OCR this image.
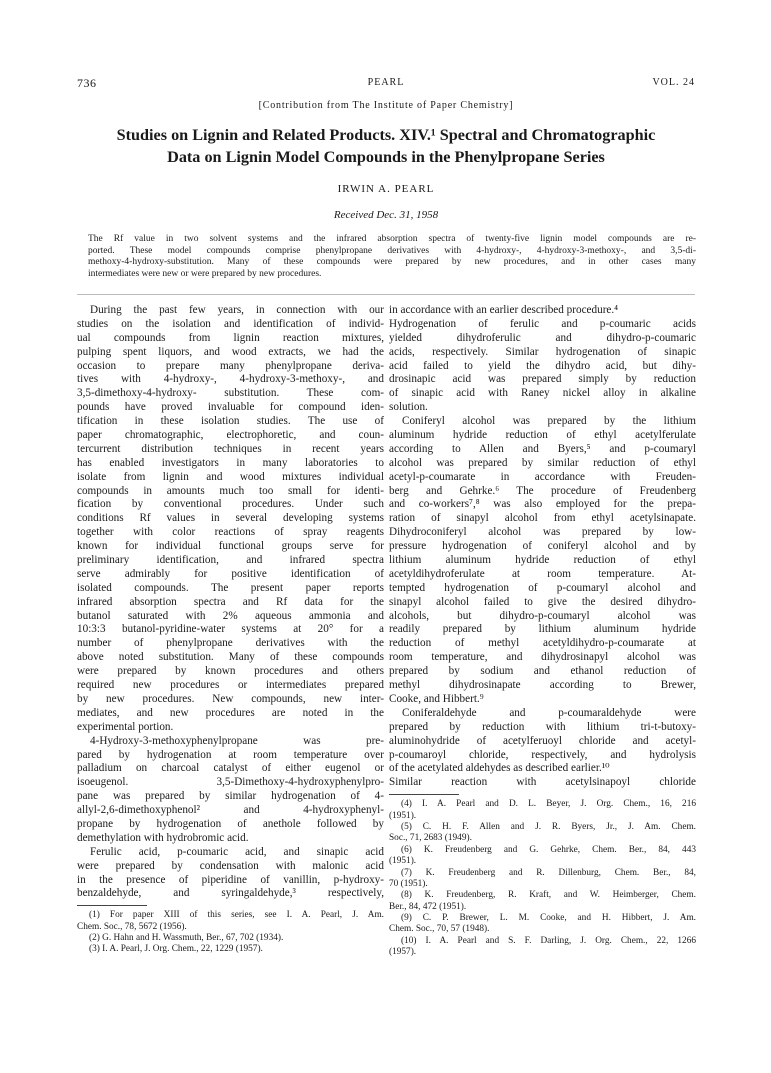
736	PEARL	VOL. 24
[Contribution from The Institute of Paper Chemistry]
Studies on Lignin and Related Products. XIV.¹ Spectral and Chromatographic
Data on Lignin Model Compounds in the Phenylpropane Series
IRWIN A. PEARL
Received Dec. 31, 1958
The Rf value in two solvent systems and the infrared absorption spectra of twenty-five lignin model compounds are re-
ported. These model compounds comprise phenylpropane derivatives with 4-hydroxy-, 4-hydroxy-3-methoxy-, and 3,5-di-
methoxy-4-hydroxy-substitution. Many of these compounds were prepared by new procedures, and in other cases many
intermediates were new or were prepared by new procedures.
During the past few years, in connection with our
studies on the isolation and identification of individ-
ual compounds from lignin reaction mixtures,
pulping spent liquors, and wood extracts, we had the
occasion to prepare many phenylpropane deriva-
tives with 4-hydroxy-, 4-hydroxy-3-methoxy-, and
3,5-dimethoxy-4-hydroxy- substitution. These com-
pounds have proved invaluable for compound iden-
tification in these isolation studies. The use of
paper chromatographic, electrophoretic, and coun-
tercurrent distribution techniques in recent years
has enabled investigators in many laboratories to
isolate from lignin and wood mixtures individual
compounds in amounts much too small for identi-
fication by conventional procedures. Under such
conditions Rf values in several developing systems
together with color reactions of spray reagents
known for individual functional groups serve for
preliminary identification, and infrared spectra
serve admirably for positive identification of
isolated compounds. The present paper reports
infrared absorption spectra and Rf data for the
butanol saturated with 2% aqueous ammonia and
10:3:3 butanol-pyridine-water systems at 20° for a
number of phenylpropane derivatives with the
above noted substitution. Many of these compounds
were prepared by known procedures and others
required new procedures or intermediates prepared
by new procedures. New compounds, new inter-
mediates, and new procedures are noted in the
experimental portion.
4-Hydroxy-3-methoxyphenylpropane was pre-
pared by hydrogenation at room temperature over
palladium on charcoal catalyst of either eugenol or
isoeugenol. 3,5-Dimethoxy-4-hydroxyphenylpro-
pane was prepared by similar hydrogenation of 4-
allyl-2,6-dimethoxyphenol² and 4-hydroxyphenyl-
propane by hydrogenation of anethole followed by
demethylation with hydrobromic acid.
Ferulic acid, p-coumaric acid, and sinapic acid
were prepared by condensation with malonic acid
in the presence of piperidine of vanillin, p-hydroxy-
benzaldehyde, and syringaldehyde,³ respectively,
(1) For paper XIII of this series, see I. A. Pearl, J. Am.
Chem. Soc., 78, 5672 (1956).
(2) G. Hahn and H. Wassmuth, Ber., 67, 702 (1934).
(3) I. A. Pearl, J. Org. Chem., 22, 1229 (1957).
in accordance with an earlier described procedure.⁴
Hydrogenation of ferulic and p-coumaric acids
yielded dihydroferulic and dihydro-p-coumaric
acids, respectively. Similar hydrogenation of sinapic
acid failed to yield the dihydro acid, but dihy-
drosinapic acid was prepared simply by reduction
of sinapic acid with Raney nickel alloy in alkaline
solution.
Coniferyl alcohol was prepared by the lithium
aluminum hydride reduction of ethyl acetylferulate
according to Allen and Byers,⁵ and p-coumaryl
alcohol was prepared by similar reduction of ethyl
acetyl-p-coumarate in accordance with Freuden-
berg and Gehrke.⁶ The procedure of Freudenberg
and co-workers⁷,⁸ was also employed for the prepa-
ration of sinapyl alcohol from ethyl acetylsinapate.
Dihydroconiferyl alcohol was prepared by low-
pressure hydrogenation of coniferyl alcohol and by
lithium aluminum hydride reduction of ethyl
acetyldihydroferulate at room temperature. At-
tempted hydrogenation of p-coumaryl alcohol and
sinapyl alcohol failed to give the desired dihydro-
alcohols, but dihydro-p-coumaryl alcohol was
readily prepared by lithium aluminum hydride
reduction of methyl acetyldihydro-p-coumarate at
room temperature, and dihydrosinapyl alcohol was
prepared by sodium and ethanol reduction of
methyl dihydrosinapate according to Brewer,
Cooke, and Hibbert.⁹
Coniferaldehyde and p-coumaraldehyde were
prepared by reduction with lithium tri-t-butoxy-
aluminohydride of acetylferuoyl chloride and acetyl-
p-coumaroyl chloride, respectively, and hydrolysis
of the acetylated aldehydes as described earlier.¹⁰
Similar reaction with acetylsinapoyl chloride
(4) I. A. Pearl and D. L. Beyer, J. Org. Chem., 16, 216
(1951).
(5) C. H. F. Allen and J. R. Byers, Jr., J. Am. Chem.
Soc., 71, 2683 (1949).
(6) K. Freudenberg and G. Gehrke, Chem. Ber., 84, 443
(1951).
(7) K. Freudenberg and R. Dillenburg, Chem. Ber., 84,
70 (1951).
(8) K. Freudenberg, R. Kraft, and W. Heimberger, Chem.
Ber., 84, 472 (1951).
(9) C. P. Brewer, L. M. Cooke, and H. Hibbert, J. Am.
Chem. Soc., 70, 57 (1948).
(10) I. A. Pearl and S. F. Darling, J. Org. Chem., 22, 1266
(1957).
